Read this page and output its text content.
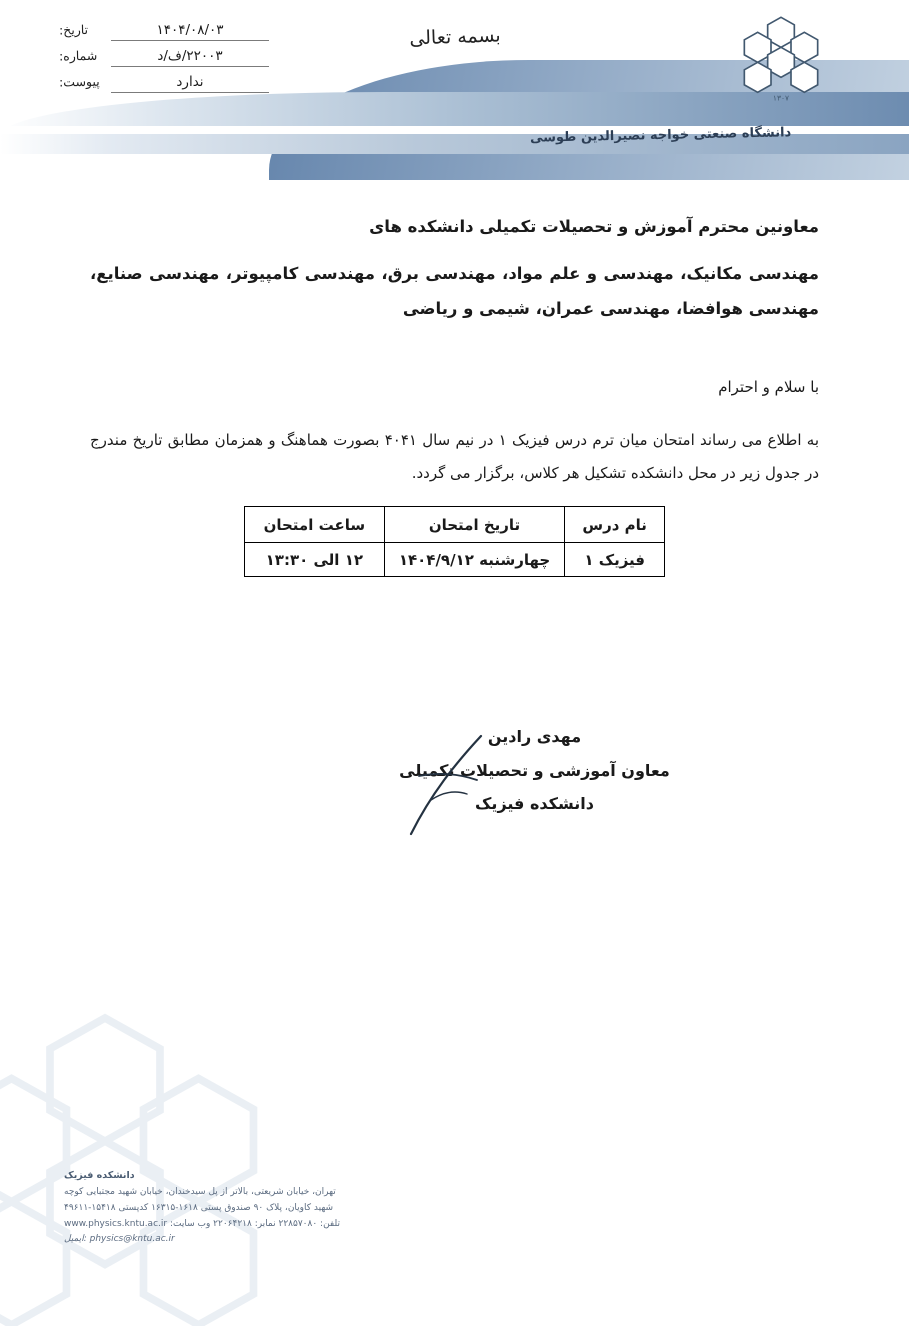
۱۳۰۷
دانشگاه صنعتی خواجه نصیرالدین طوسی
بسمه تعالی
۱۴۰۴/۰۸/۰۳
تاریخ:
۲۲۰۰۳/ف/د
شماره:
ندارد
پیوست:
معاونین محترم آموزش و تحصیلات تکمیلی دانشکده های
مهندسی مکانیک، مهندسی و علم مواد، مهندسی برق، مهندسی کامپیوتر، مهندسی صنایع، مهندسی هوافضا، مهندسی عمران، شیمی و ریاضی
با سلام و احترام
به اطلاع می رساند امتحان میان ترم درس فیزیک ۱ در نیم سال ۴۰۴۱ بصورت هماهنگ و همزمان مطابق تاریخ مندرج در جدول زیر در محل دانشکده تشکیل هر کلاس، برگزار می گردد.
نام درس	تاریخ امتحان	ساعت امتحان
فیزیک ۱	چهارشنبه ۱۴۰۴/۹/۱۲	۱۲ الی ۱۳:۳۰
مهدی رادین
معاون آموزشی و تحصیلات تکمیلی
دانشکده فیزیک
دانشکده فیزیک
تهران، خیابان شریعتی، بالاتر از پل سیدخندان، خیابان شهید مجتبایی کوچه
شهید کاویان، پلاک ۹۰ صندوق پستی ۱۶۱۸-۱۶۳۱۵ کدپستی ۱۵۴۱۸-۴۹۶۱۱
تلفن: ۲۲۸۵۷۰۸۰ نمابر: ۲۲۰۶۴۲۱۸ وب سایت: www.physics.kntu.ac.ir
physics@kntu.ac.ir :ایمیل
